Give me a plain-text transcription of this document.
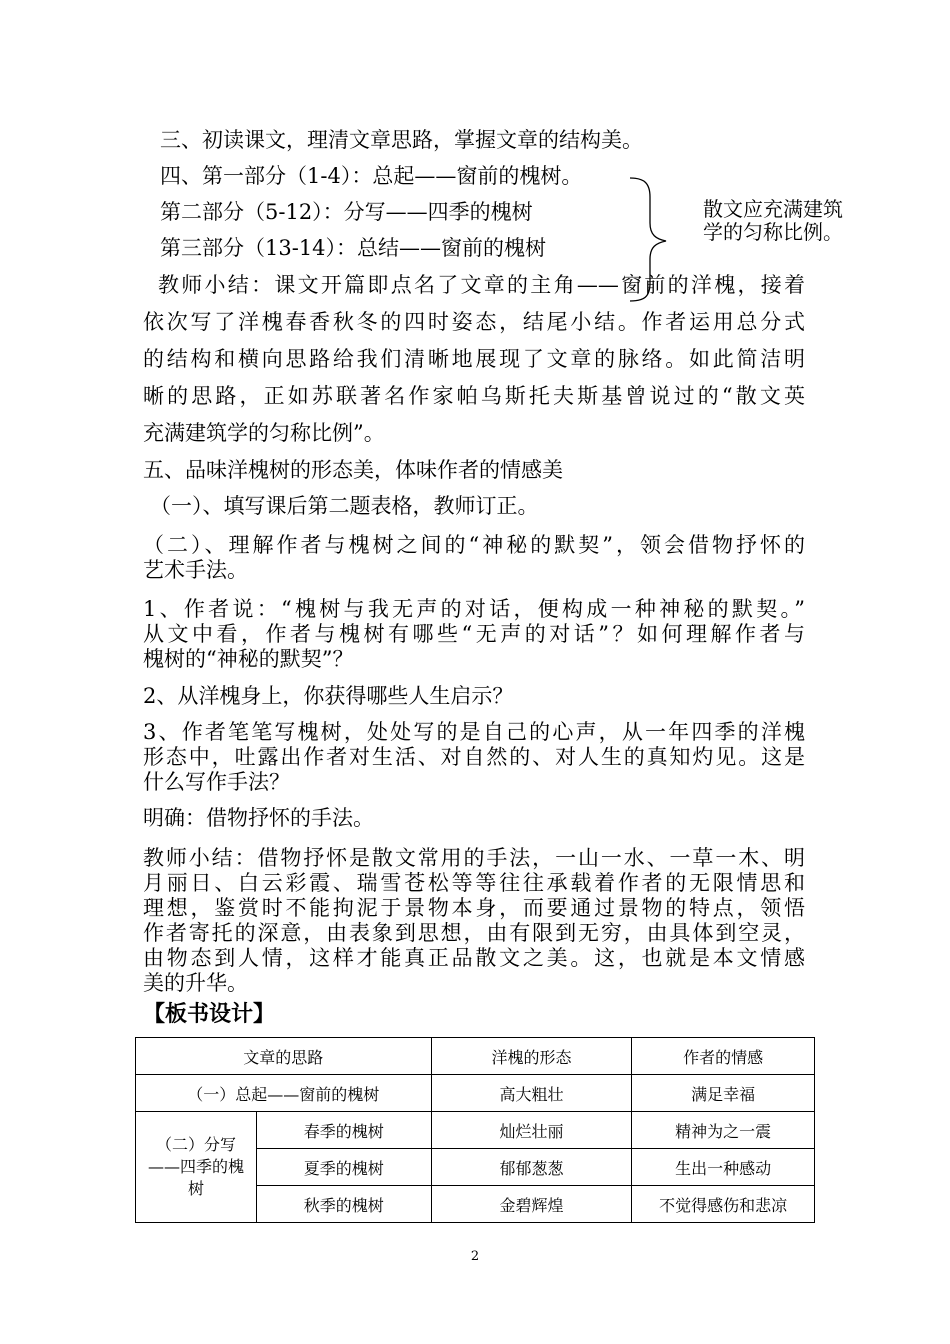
三、初读课文，理清文章思路，掌握文章的结构美。
四、第一部分（1-4）：总起——窗前的槐树。
第二部分（5-12）：分写——四季的槐树
第三部分（13-14）：总结——窗前的槐树
教师小结：课文开篇即点名了文章的主角——窗前的洋槐，接着
依次写了洋槐春香秋冬的四时姿态，结尾小结。作者运用总分式
的结构和横向思路给我们清晰地展现了文章的脉络。如此简洁明
晰的思路，正如苏联著名作家帕乌斯托夫斯基曾说过的“散文英
充满建筑学的匀称比例”。
五、品味洋槐树的形态美，体味作者的情感美
（一）、填写课后第二题表格，教师订正。
（二）、理解作者与槐树之间的“神秘的默契”，领会借物抒怀的
艺术手法。
1、作者说：“槐树与我无声的对话，便构成一种神秘的默契。”
从文中看，作者与槐树有哪些“无声的对话”？如何理解作者与
槐树的“神秘的默契”？
2、从洋槐身上，你获得哪些人生启示？
3、作者笔笔写槐树，处处写的是自己的心声，从一年四季的洋槐
形态中，吐露出作者对生活、对自然的、对人生的真知灼见。这是
什么写作手法？
明确：借物抒怀的手法。
教师小结：借物抒怀是散文常用的手法，一山一水、一草一木、明
月丽日、白云彩霞、瑞雪苍松等等往往承载着作者的无限情思和
理想，鉴赏时不能拘泥于景物本身，而要通过景物的特点，领悟
作者寄托的深意，由表象到思想，由有限到无穷，由具体到空灵，
由物态到人情，这样才能真正品散文之美。这，也就是本文情感
美的升华。
散文应充满建筑
学的匀称比例。
【板书设计】
文章的思路		洋槐的形态	作者的情感
（一）总起——窗前的槐树		高大粗壮	满足幸福
（二）分写——四季的槐树	春季的槐树	灿烂壮丽	精神为之一震
	夏季的槐树	郁郁葱葱	生出一种感动
	秋季的槐树	金碧辉煌	不觉得感伤和悲凉
2
